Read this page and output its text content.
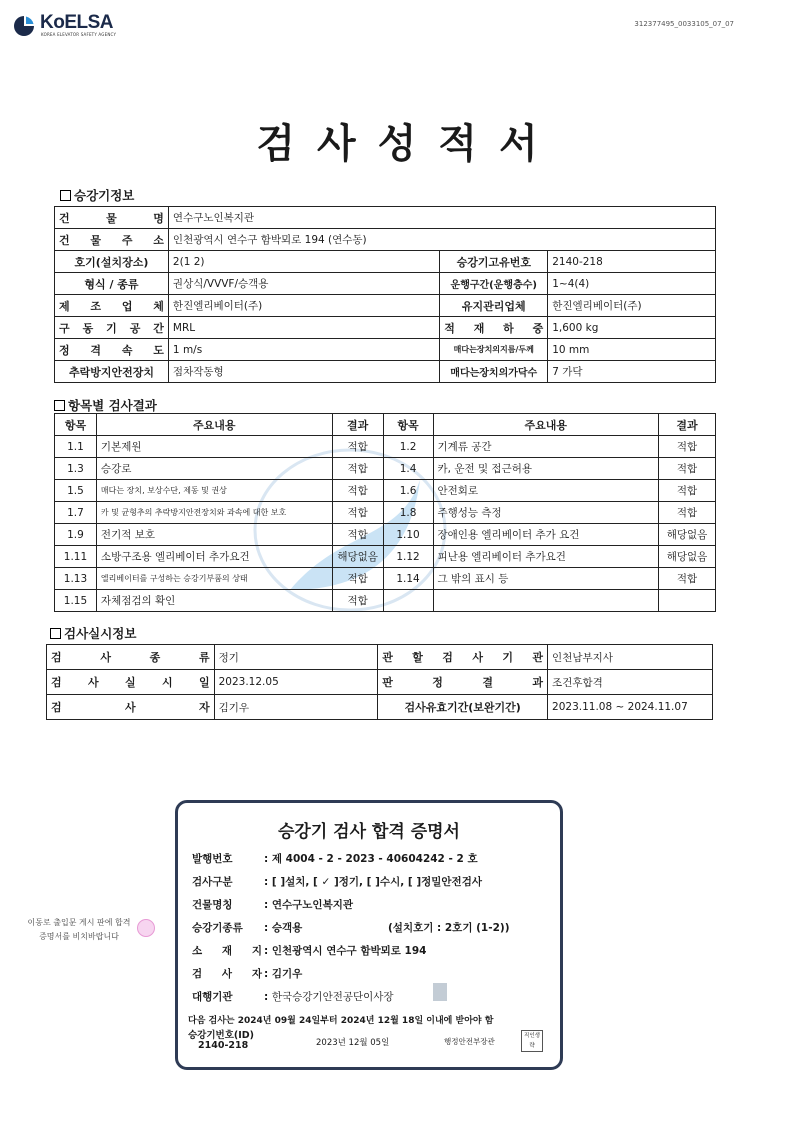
KoELSA
KOREA ELEVATOR SAFETY AGENCY
312377495_0033105_07_07
검사성적서
승강기정보
건 물 명	연수구노인복지관		
건 물 주 소	인천광역시 연수구 함박뫼로 194 (연수동)		
호기(설치장소)	2(1 2)	승강기고유번호	2140-218
형식 / 종류	권상식/VVVF/승객용	운행구간(운행층수)	1~4(4)
제 조 업 체	한진엘리베이터(주)	유지관리업체	한진엘리베이터(주)
구 동 기 공 간	MRL	적 재 하 중	1,600 kg
정 격 속 도	1 m/s	매다는장치의지름/두께	10 mm
추락방지안전장치	점차작동형	매다는장치의가닥수	7 가닥
항목별 검사결과
항목	주요내용	결과	항목	주요내용	결과
1.1	기본제원	적합	1.2	기계류 공간	적합
1.3	승강로	적합	1.4	카, 운전 및 접근허용	적합
1.5	매다는 장치, 보상수단, 제동 및 권상	적합	1.6	안전회로	적합
1.7	카 및 균형추의 추락방지안전장치와 과속에 대한 보호	적합	1.8	주행성능 측정	적합
1.9	전기적 보호	적합	1.10	장애인용 엘리베이터 추가 요건	해당없음
1.11	소방구조용 엘리베이터 추가요건	해당없음	1.12	피난용 엘리베이터 추가요건	해당없음
1.13	엘리베이터를 구성하는 승강기부품의 상태	적합	1.14	그 밖의 표시 등	적합
1.15	자체점검의 확인	적합			
검사실시정보
검 사 종 류	정기	관 할 검 사 기 관	인천남부지사
검 사 실 시 일	2023.12.05	판 정 결 과	조건후합격
검 사 자	김기우	검사유효기간(보완기간)	2023.11.08 ~ 2024.11.07
이동로 출입문 게시 판에 합격증명서를 비치바랍니다
승강기 검사 합격 증명서
발행번호	: 제 4004 - 2 - 2023 - 40604242 - 2 호
검사구분	: [ ]설치, [ ✓ ]정기, [ ]수시, [ ]정밀안전검사
건물명칭	: 연수구노인복지관
승강기종류 : 승객용	(설치호기 : 2호기 (1-2))
소 재 지 : 인천광역시 연수구 함박뫼로 194
검 사 자 : 김기우
대행기관	: 한국승강기안전공단이사장
다음 검사는 2024년 09월 24일부터 2024년 12월 18일 이내에 받아야 함
승강기번호(ID)
2140-218	2023년 12월 05일	행정안전부장관
직인생략
